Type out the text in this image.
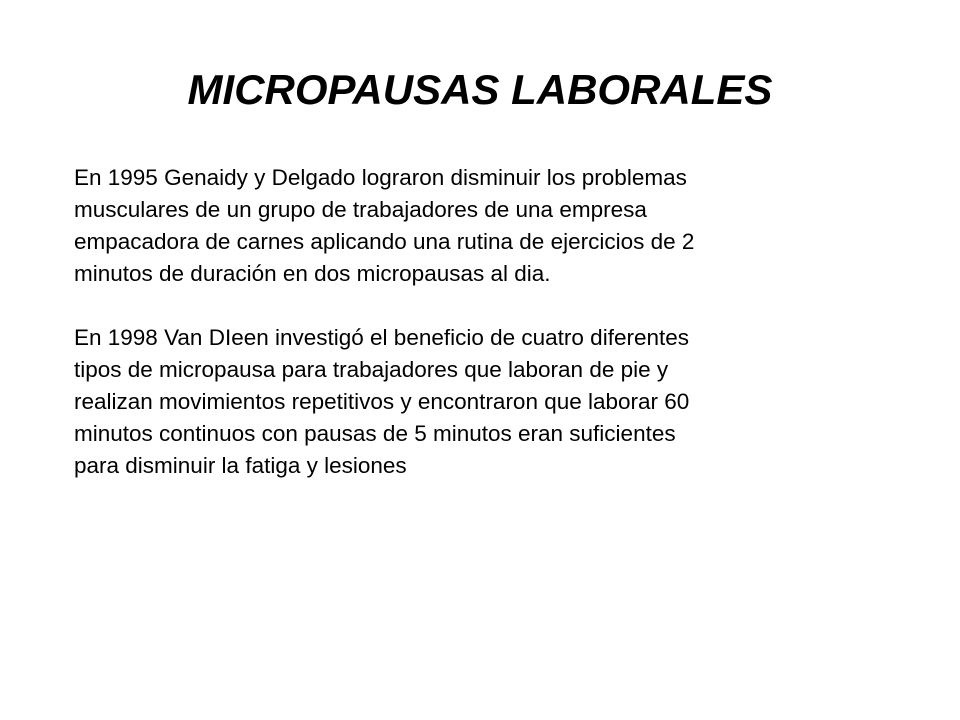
MICROPAUSAS LABORALES

En 1995 Genaidy y Delgado lograron disminuir los problemas
musculares de un grupo de trabajadores de una empresa
empacadora de carnes aplicando una rutina de ejercicios de 2
minutos de duración en dos micropausas al dia.

En 1998 Van DIeen investigó el beneficio de cuatro diferentes
tipos de micropausa para trabajadores que laboran de pie y
realizan movimientos repetitivos y encontraron que laborar 60
minutos continuos con pausas de 5 minutos eran suficientes
para disminuir la fatiga y lesiones
